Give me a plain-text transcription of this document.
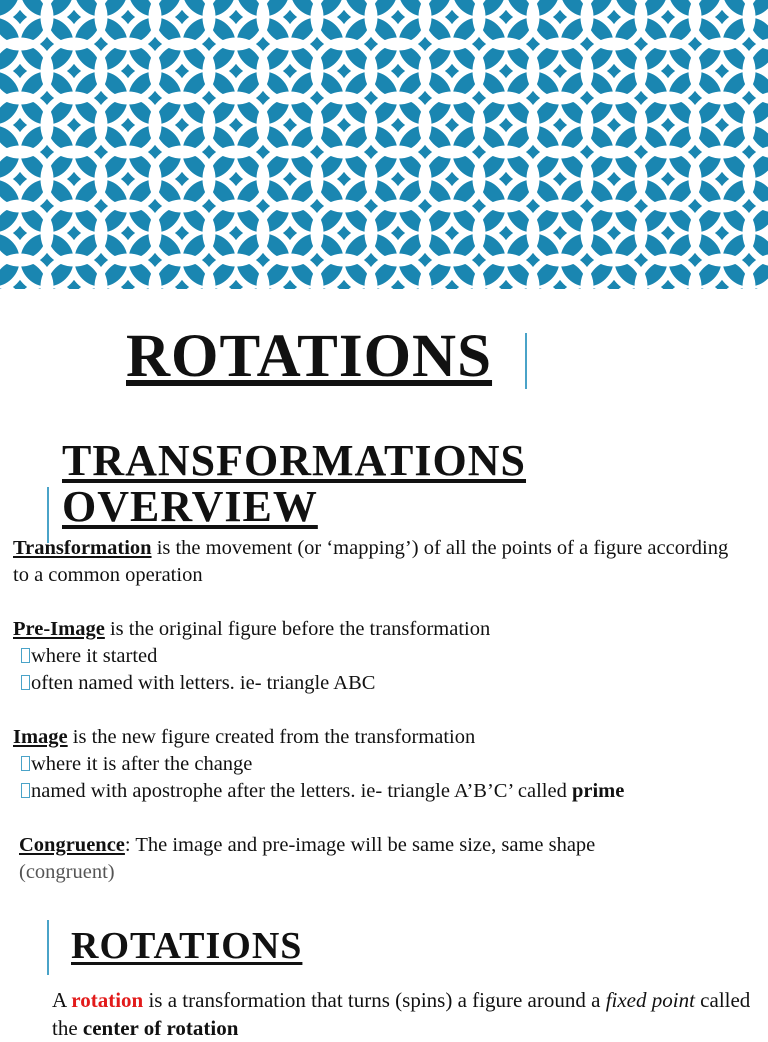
ROTATIONS
TRANSFORMATIONS
OVERVIEW

Transformation is the movement (or ‘mapping’) of all the points of a figure according to a common operation

Pre-Image is the original figure before the transformation

where it started
often named with letters. ie- triangle ABC

Image is the new figure created from the transformation

where it is after the change
named with apostrophe after the letters. ie- triangle A’B’C’ called prime

Congruence: The image and pre-image will be same size, same shape

(congruent)

ROTATIONS

A rotation is a transformation that turns (spins) a figure around a fixed point called the center of rotation
